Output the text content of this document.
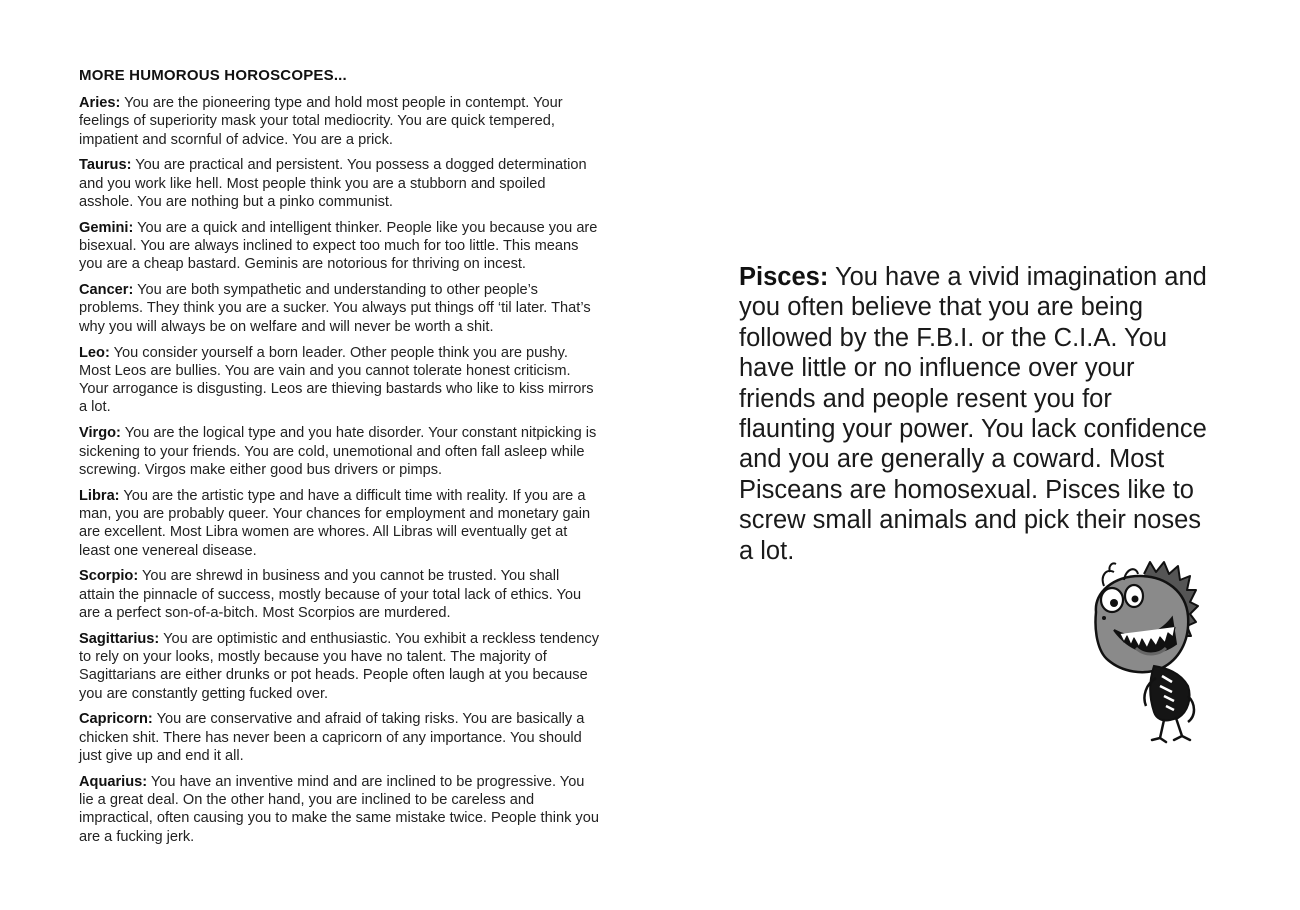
MORE HUMOROUS HOROSCOPES...

Aries: You are the pioneering type and hold most people in contempt. Your feelings of superiority mask your total mediocrity. You are quick tempered, impatient and scornful of advice. You are a prick.

Taurus: You are practical and persistent. You possess a dogged determination and you work like hell. Most people think you are a stubborn and spoiled asshole. You are nothing but a pinko communist.

Gemini: You are a quick and intelligent thinker. People like you because you are bisexual. You are always inclined to expect too much for too little. This means you are a cheap bastard. Geminis are notorious for thriving on incest.

Cancer: You are both sympathetic and understanding to other people’s problems. They think you are a sucker. You always put things off ‘til later. That’s why you will always be on welfare and will never be worth a shit.

Leo: You consider yourself a born leader. Other people think you are pushy. Most Leos are bullies. You are vain and you cannot tolerate honest criticism. Your arrogance is disgusting. Leos are thieving bastards who like to kiss mirrors a lot.

Virgo: You are the logical type and you hate disorder. Your constant nitpicking is sickening to your friends. You are cold, unemotional and often fall asleep while screwing. Virgos make either good bus drivers or pimps.

Libra: You are the artistic type and have a difficult time with reality. If you are a man, you are probably queer. Your chances for employment and monetary gain are excellent. Most Libra women are whores. All Libras will eventually get at least one venereal disease.

Scorpio: You are shrewd in business and you cannot be trusted. You shall attain the pinnacle of success, mostly because of your total lack of ethics. You are a perfect son-of-a-bitch. Most Scorpios are murdered.

Sagittarius: You are optimistic and enthusiastic. You exhibit a reckless tendency to rely on your looks, mostly because you have no talent. The majority of Sagittarians are either drunks or pot heads. People often laugh at you because you are constantly getting fucked over.

Capricorn: You are conservative and afraid of taking risks. You are basically a chicken shit. There has never been a capricorn of any importance. You should just give up and end it all.

Aquarius: You have an inventive mind and are inclined to be progressive. You lie a great deal. On the other hand, you are inclined to be careless and impractical, often causing you to make the same mistake twice. People think you are a fucking jerk.

Pisces: You have a vivid imagination and you often believe that you are being followed by the F.B.I. or the C.I.A. You have little or no influence over your friends and people resent you for flaunting your power. You lack confidence and you are generally a coward. Most Pisceans are homosexual. Pisces like to screw small animals and pick their noses a lot.
